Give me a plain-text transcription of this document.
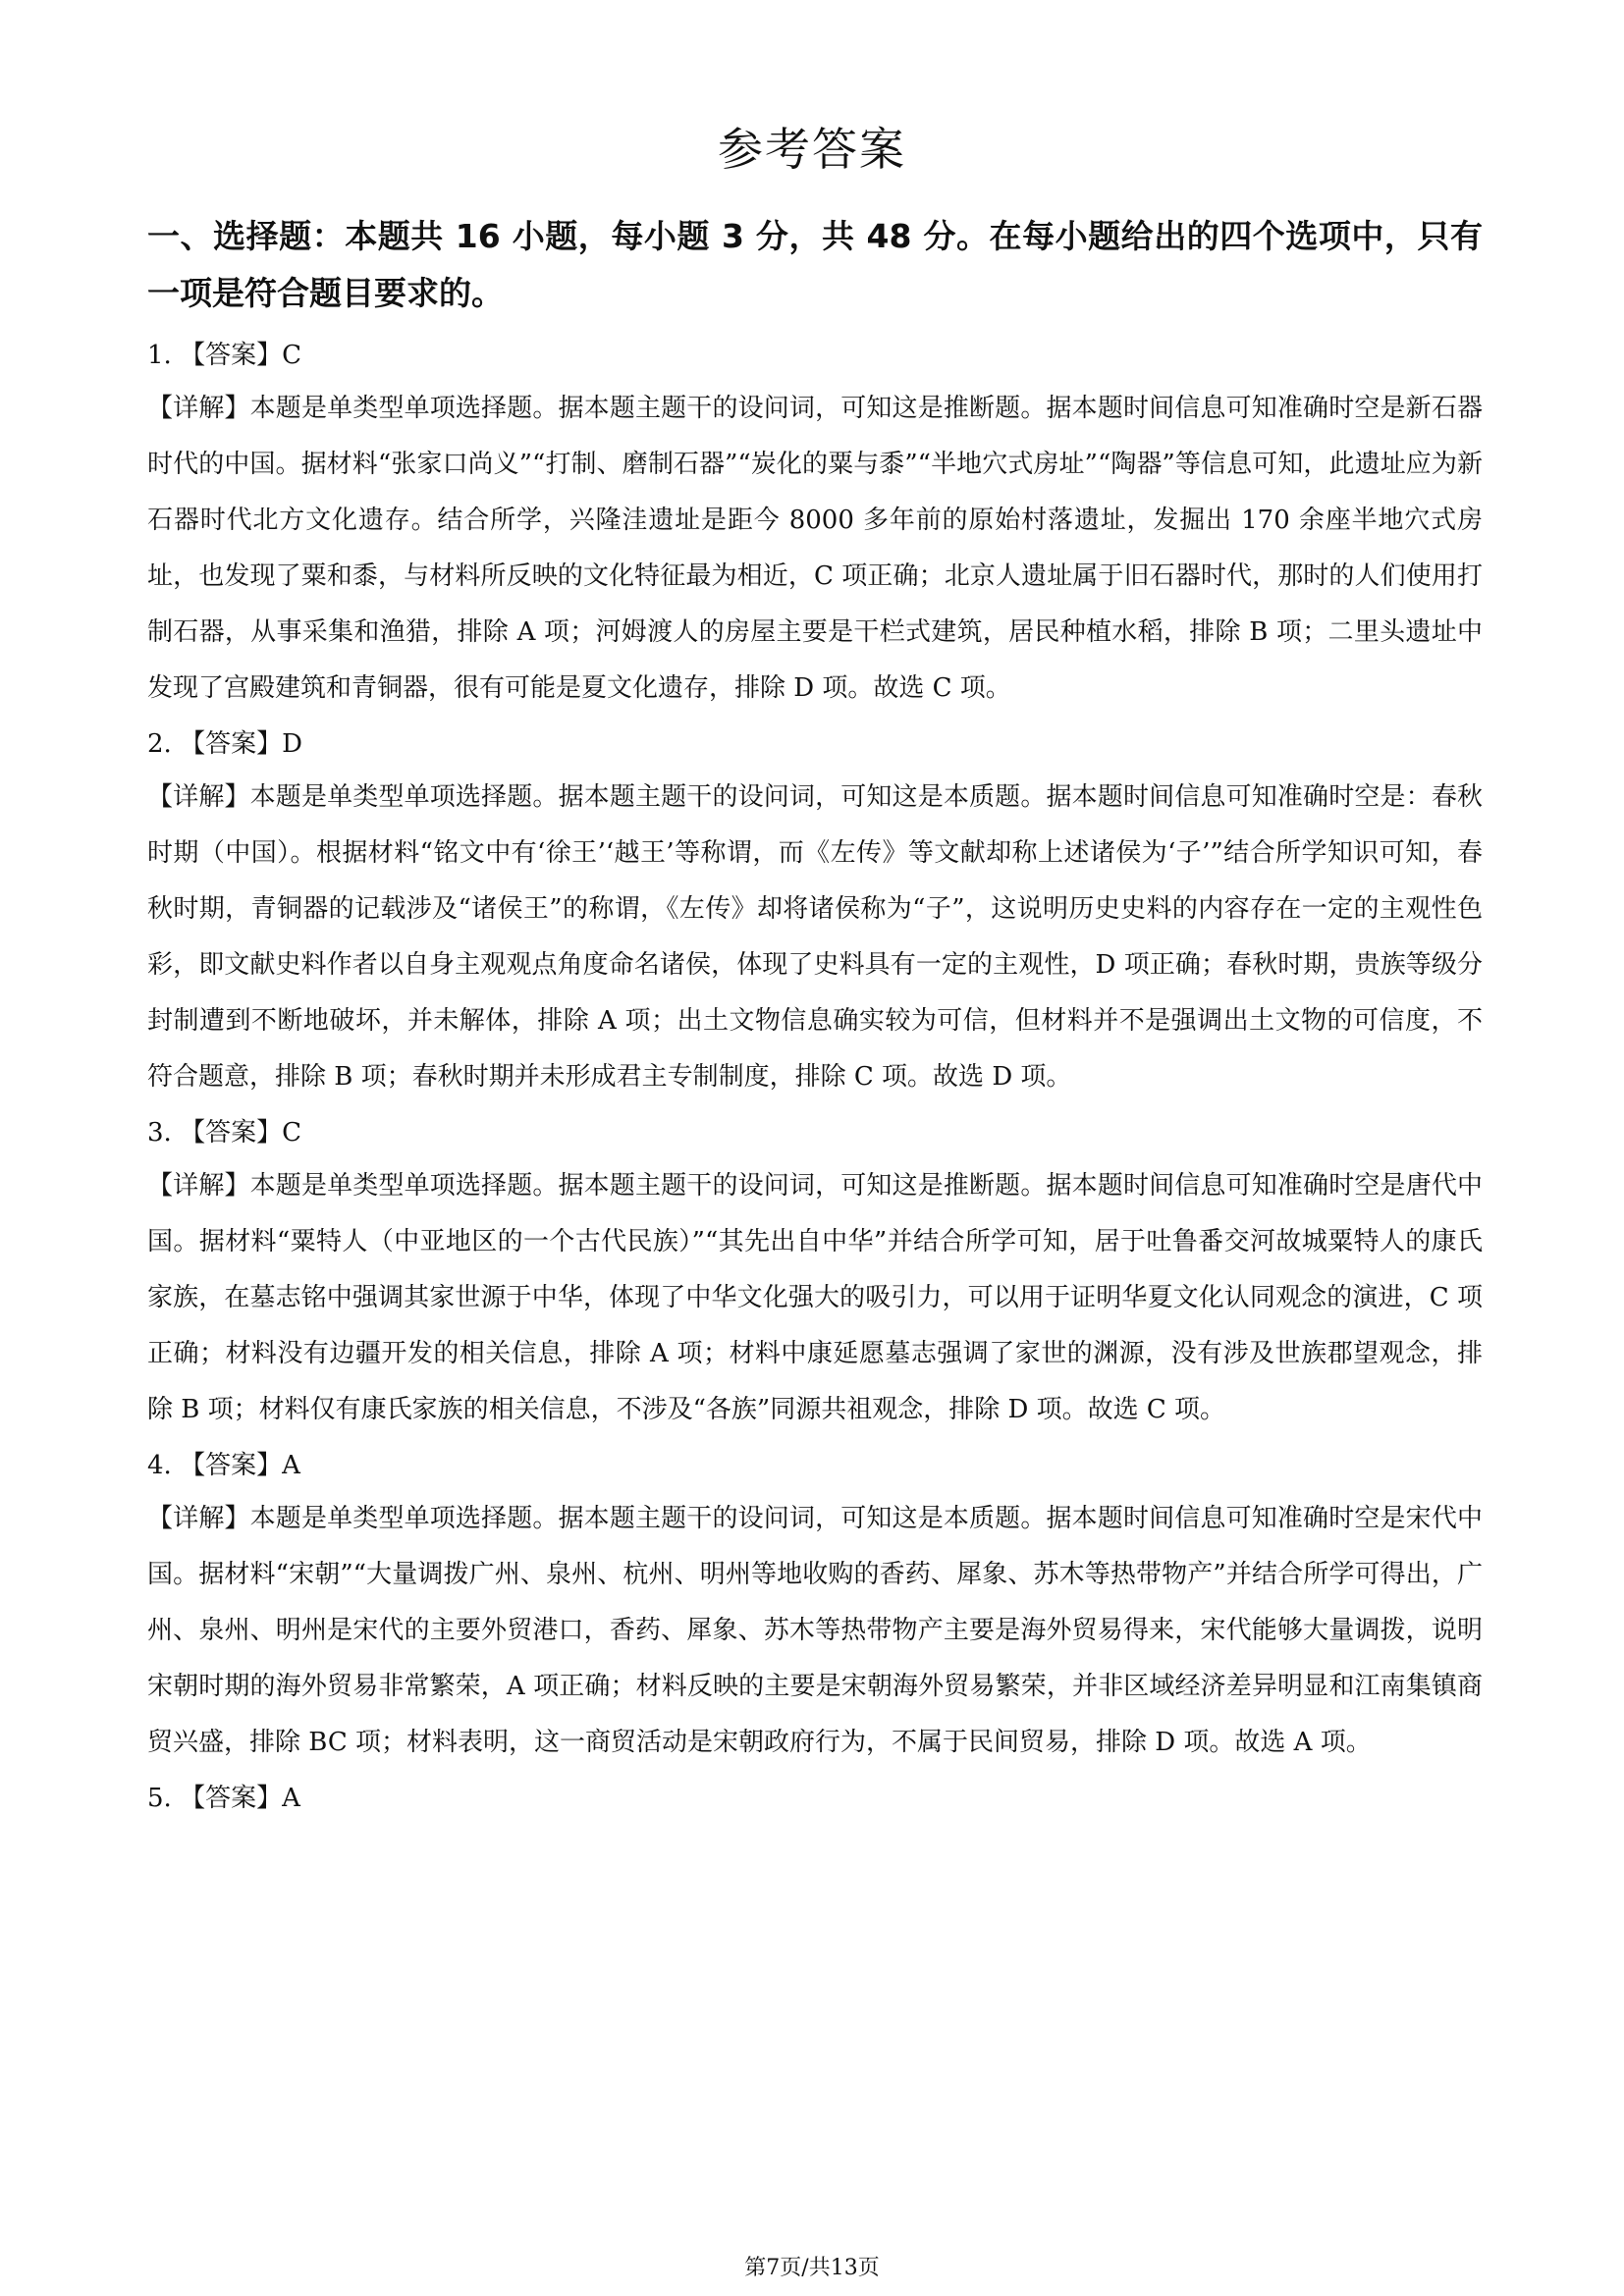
参考答案
一、选择题：本题共 16 小题，每小题 3 分，共 48 分。在每小题给出的四个选项中，只有一项是符合题目要求的。

1. 【答案】C

【详解】本题是单类型单项选择题。据本题主题干的设问词，可知这是推断题。据本题时间信息可知准确时空是新石器时代的中国。据材料“张家口尚义”“打制、磨制石器”“炭化的粟与黍”“半地穴式房址”“陶器”等信息可知，此遗址应为新石器时代北方文化遗存。结合所学，兴隆洼遗址是距今 8000 多年前的原始村落遗址，发掘出 170 余座半地穴式房址，也发现了粟和黍，与材料所反映的文化特征最为相近，C 项正确；北京人遗址属于旧石器时代，那时的人们使用打制石器，从事采集和渔猎，排除 A 项；河姆渡人的房屋主要是干栏式建筑，居民种植水稻，排除 B 项；二里头遗址中发现了宫殿建筑和青铜器，很有可能是夏文化遗存，排除 D 项。故选 C 项。

2. 【答案】D

【详解】本题是单类型单项选择题。据本题主题干的设问词，可知这是本质题。据本题时间信息可知准确时空是：春秋时期（中国）。根据材料“铭文中有‘徐王’‘越王’等称谓，而《左传》等文献却称上述诸侯为‘子’”结合所学知识可知，春秋时期，青铜器的记载涉及“诸侯王”的称谓，《左传》却将诸侯称为“子”，这说明历史史料的内容存在一定的主观性色彩，即文献史料作者以自身主观观点角度命名诸侯，体现了史料具有一定的主观性，D 项正确；春秋时期，贵族等级分封制遭到不断地破坏，并未解体，排除 A 项；出土文物信息确实较为可信，但材料并不是强调出土文物的可信度，不符合题意，排除 B 项；春秋时期并未形成君主专制制度，排除 C 项。故选 D 项。

3. 【答案】C

【详解】本题是单类型单项选择题。据本题主题干的设问词，可知这是推断题。据本题时间信息可知准确时空是唐代中国。据材料“粟特人（中亚地区的一个古代民族）”“其先出自中华”并结合所学可知，居于吐鲁番交河故城粟特人的康氏家族，在墓志铭中强调其家世源于中华，体现了中华文化强大的吸引力，可以用于证明华夏文化认同观念的演进，C 项正确；材料没有边疆开发的相关信息，排除 A 项；材料中康延愿墓志强调了家世的渊源，没有涉及世族郡望观念，排除 B 项；材料仅有康氏家族的相关信息，不涉及“各族”同源共祖观念，排除 D 项。故选 C 项。

4. 【答案】A

【详解】本题是单类型单项选择题。据本题主题干的设问词，可知这是本质题。据本题时间信息可知准确时空是宋代中国。据材料“宋朝”“大量调拨广州、泉州、杭州、明州等地收购的香药、犀象、苏木等热带物产”并结合所学可得出，广州、泉州、明州是宋代的主要外贸港口，香药、犀象、苏木等热带物产主要是海外贸易得来，宋代能够大量调拨，说明宋朝时期的海外贸易非常繁荣，A 项正确；材料反映的主要是宋朝海外贸易繁荣，并非区域经济差异明显和江南集镇商贸兴盛，排除 BC 项；材料表明，这一商贸活动是宋朝政府行为，不属于民间贸易，排除 D 项。故选 A 项。

5. 【答案】A

第7页/共13页
